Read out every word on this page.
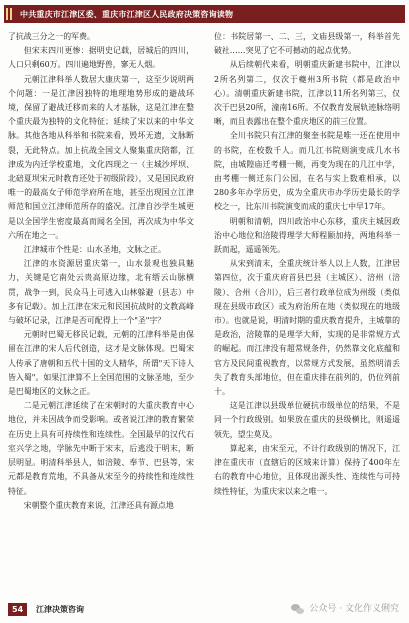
中共重庆市江津区委、重庆市江津区人民政府决策咨询读物

了抗战三分之一的军费。

但宋末四川更惨：据明史记载，居城后的四川，人口只剩60万。四川遍地野兽，寥无人烟。

元朝江津科举人数居大康庆第一，这至少说明两个问题：一是江津因独特的地理地势形成的避战环境，保留了避战迁移而来的人才基脉，这是江津在整个重庆最为独特的文化特征；延续了宋以来的中华文脉。其他各地从科举和书院来看，毁坏无遗，文脉断裂，无此特点。加上抗战全国文人聚集重庆陪都，江津成为内迁学校重地，文化四现之一（主城沙坪坝、北碚夏坝宋元时教育还处于初级阶段），又是国民政府唯一的最高女子师范学府所在地，甚至出现国立江津师范和国立江津师范所存的盛况。江津自沙学生城更是以全国学生密度最高而闻名全国，再次成为中华文六所在地之一。

江津城市个性是：山水圣地，文脉之正。

江津的水资源居重庆第一，山水景观也独具魅力，关键是它南处云贵高原边缘，北有缙云山脉横贯，战争一到，民众马上可逃入山林躲避（县志）中多有记载）。加上江津在宋元和民国抗战时的文教高峰与破坏记录，江津是否可配得上一个"圣"字？

元朝时巴蜀无移民记载，元朝的江津科举是由保留在江津的宋人后代创造，这才是文脉体现。巴蜀宋人传承了唐朝和五代十国的文人精华，所谓"天下诗人皆入蜀"。如果江津算不上全国范围的文脉圣地，至少是巴蜀地区的文脉之正。

二是元朝江津延续了在宋朝时的大重庆教育中心地位，并未因战争而受影响。或者说江津的教育繁荣在历史上具有可持续性和连续性。全国最早的汉代石室兴学之地，学脉先中断于宋末，后逃没于明末，断层明显。明清科举县人，如涪陵、奉节、巴县等，宋元都是教育荒地，不具备从宋至今的持续性和连续性特征。

宋朝整个重庆教育来说，江津还具有源点地

位：书院居第一、二、三，文庙县级第一，科举首先破社……突见了它不可撼动的起点优势。

从后续朝代来看，明朝重庆新建书院中，江津以2所名列第二，仅次于夔州3所书院（都是政治中心）。清朝重庆新建书院，江津以11所名列第三，仅次于巴县20所，潼南16所。不仅教育发展轨迹脉络明晰，而且表露出在整个重庆地区的前三位置。

全川书院只有江津的聚奎书院是唯一还在使用中的书院，在校数千人。而几江书院则演变成几水书院，由城隍庙迁考棚一侧，再变为现在的几江中学，由考棚一侧迁东门公园，在名与实上数难相承，以280多年办学历史，成为全重庆市办学历史最长的学校之一，比东川书院演变而成的重庆七中早17年。

明朝和清朝，四川政治中心东移，重庆主城因政治中心地位和涪陵得理学大师程颐加持，两地科举一跃而起，遥遥领先。

从宋到清末，全重庆统计举人以上人数，江津居第四位，次于重庆府首县巴县（主城区）、涪州（涪陵）、合州（合川），后三者行政单位成为州级（类似现在县级市政区）或为府治所在地（类似现在的地级市）。也就是说，明清时期的重庆教育提升，主城靠的是政治，涪陵靠的是理学大师，实现的是非常规方式的崛起。而江津没有超常规条件，仍然靠文化底蕴和官方及民间重视教育，以常规方式发展，虽然明清丢失了教育头部地位，但在重庆排在前列的，仍位列前十。

这是江津以县级单位硬抗市级单位的结果，不是同一个行政级别。如果放在重庆的县级横比，则遥遥领先，望尘莫及。

算起来，由宋至元，不计行政级别的情况下，江津在重庆市（直辖后的区域来计算）保持了400年左右的教育中心地位，且体现出源头性、连续性与可持续性特征，为重庆宋以来之唯一。

54	江津决策咨询	公众号 · 文化作义俐究
